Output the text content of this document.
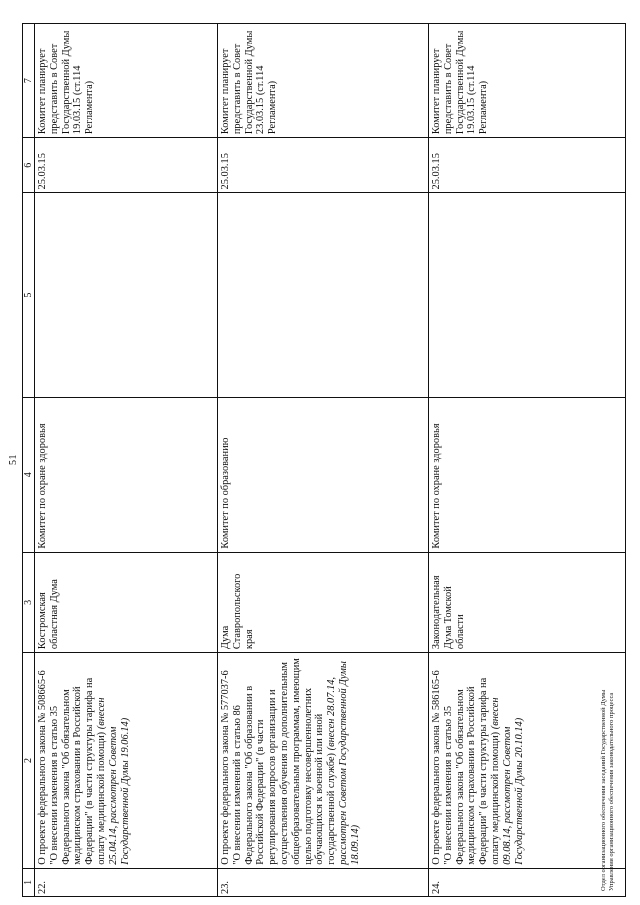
51
1	2	3	4	5	6	7
22.	О проекте федерального закона № 508665-6 "О внесении изменения в статью 35 Федерального закона "Об обязательном медицинском страховании в Российской Федерации" (в части структуры тарифа на оплату медицинской помощи) (внесен 25.04.14, рассмотрен Советом Государственной Думы 19.06.14)	Костромская областная Дума	Комитет по охране здоровья		25.03.15	Комитет планирует представить в Совет Государственной Думы 19.03.15 (ст.114 Регламента)
23.	О проекте федерального закона № 577037-6 "О внесении изменений в статью 86 Федерального закона "Об образовании в Российской Федерации" (в части регулирования вопросов организации и осуществления обучения по дополнительным общеобразовательным программам, имеющим целью подготовку несовершеннолетних обучающихся к военной или иной государственной службе) (внесен 28.07.14, рассмотрен Советом Государственной Думы 18.09.14)	Дума Ставропольского края	Комитет по образованию		25.03.15	Комитет планирует представить в Совет Государственной Думы 23.03.15 (ст.114 Регламента)
24.	О проекте федерального закона № 586165-6 "О внесении изменения в статью 35 Федерального закона "Об обязательном медицинском страховании в Российской Федерации" (в части структуры тарифа на оплату медицинской помощи) (внесен 09.08.14, рассмотрен Советом Государственной Думы 20.10.14)	Законодательная Дума Томской области	Комитет по охране здоровья		25.03.15	Комитет планирует представить в Совет Государственной Думы 19.03.15 (ст.114 Регламента)
Отдел организационного обеспечения заседаний Государственной Думы Управления организационного обеспечения законодательного процесса
